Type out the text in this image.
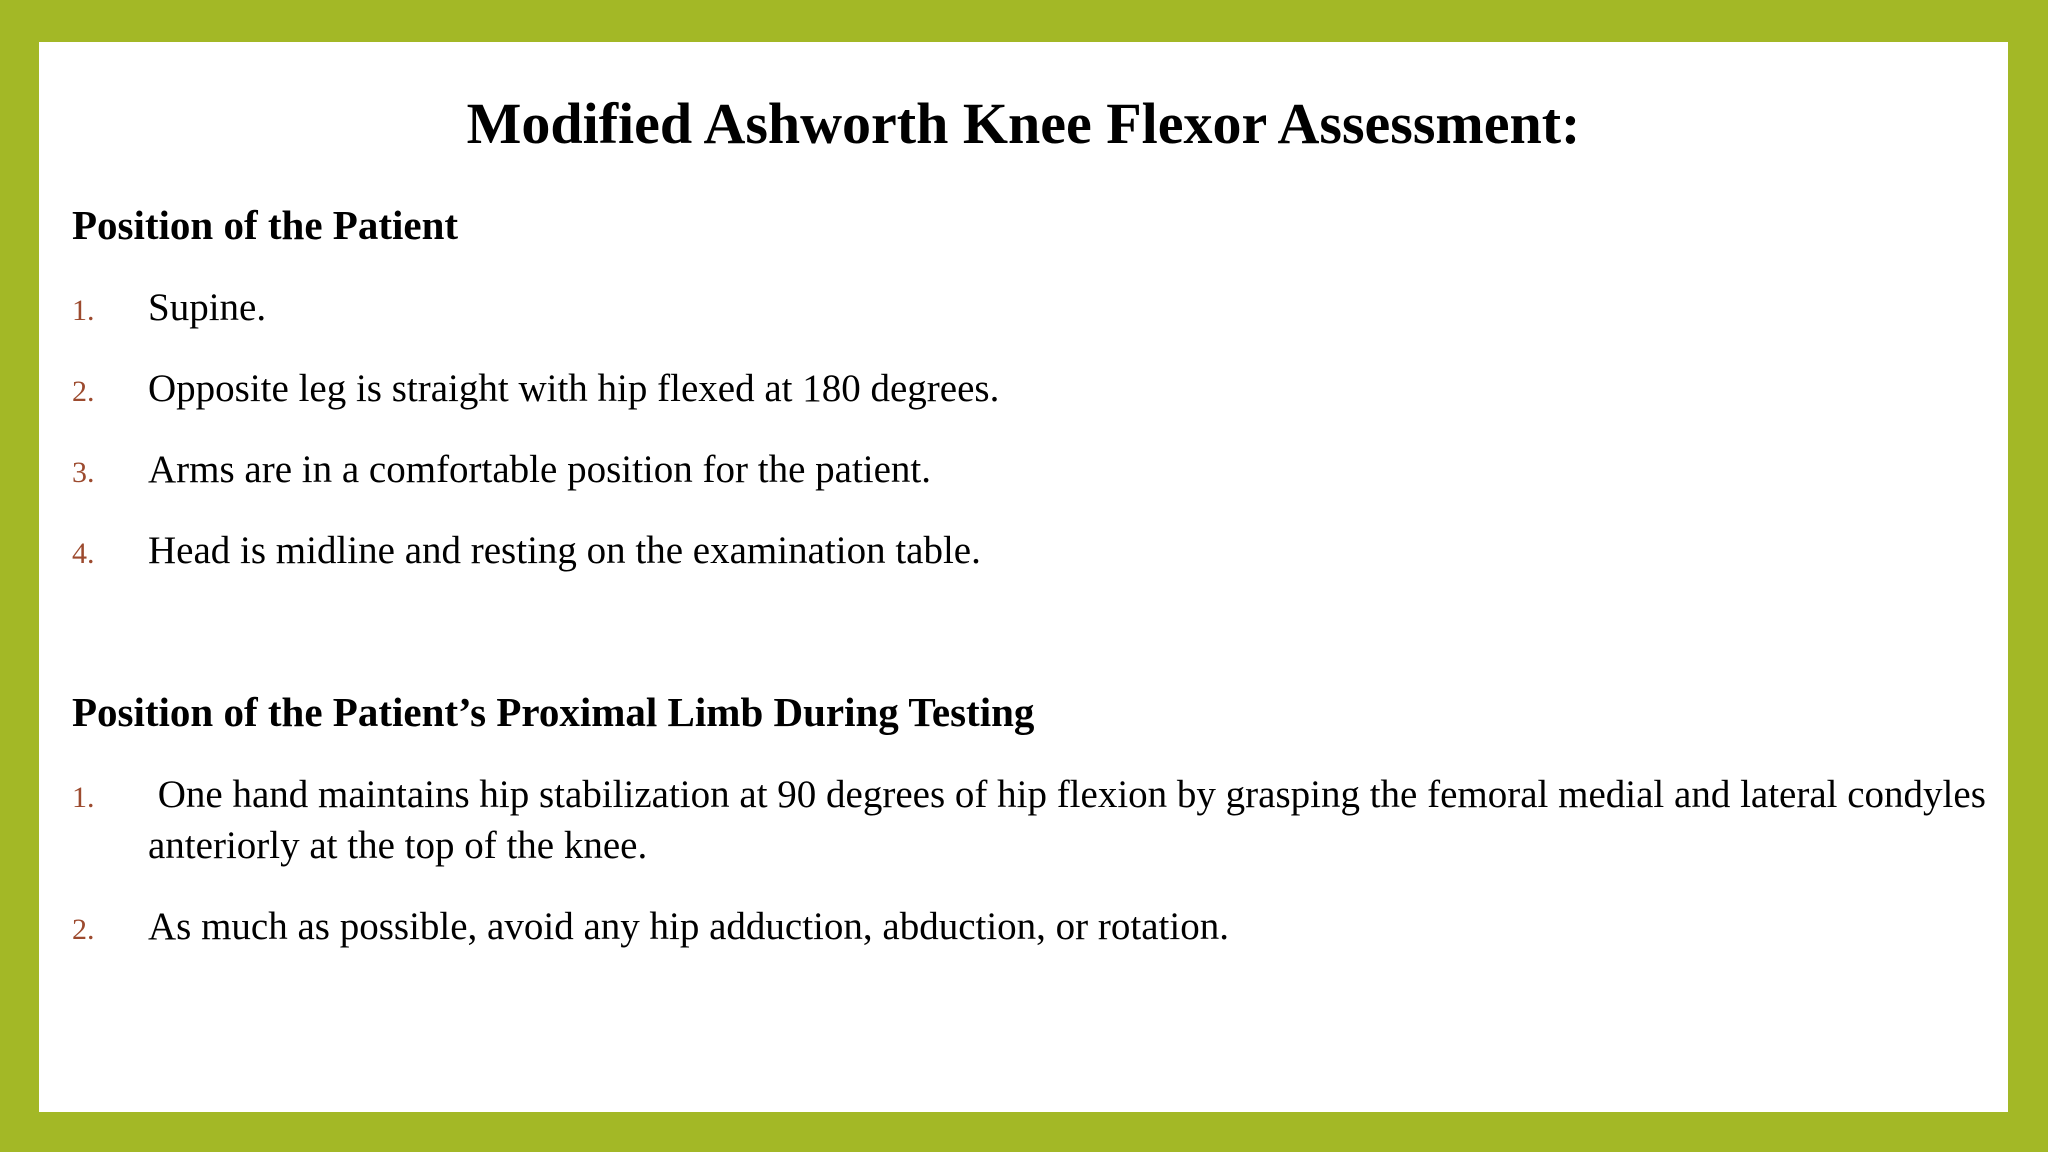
Modified Ashworth Knee Flexor Assessment:
Position of the Patient
1. Supine.
2. Opposite leg is straight with hip flexed at 180 degrees.
3. Arms are in a comfortable position for the patient.
4. Head is midline and resting on the examination table.
Position of the Patient’s Proximal Limb During Testing
1. One hand maintains hip stabilization at 90 degrees of hip flexion by grasping the femoral medial and lateral condyles anteriorly at the top of the knee.
2. As much as possible, avoid any hip adduction, abduction, or rotation.
